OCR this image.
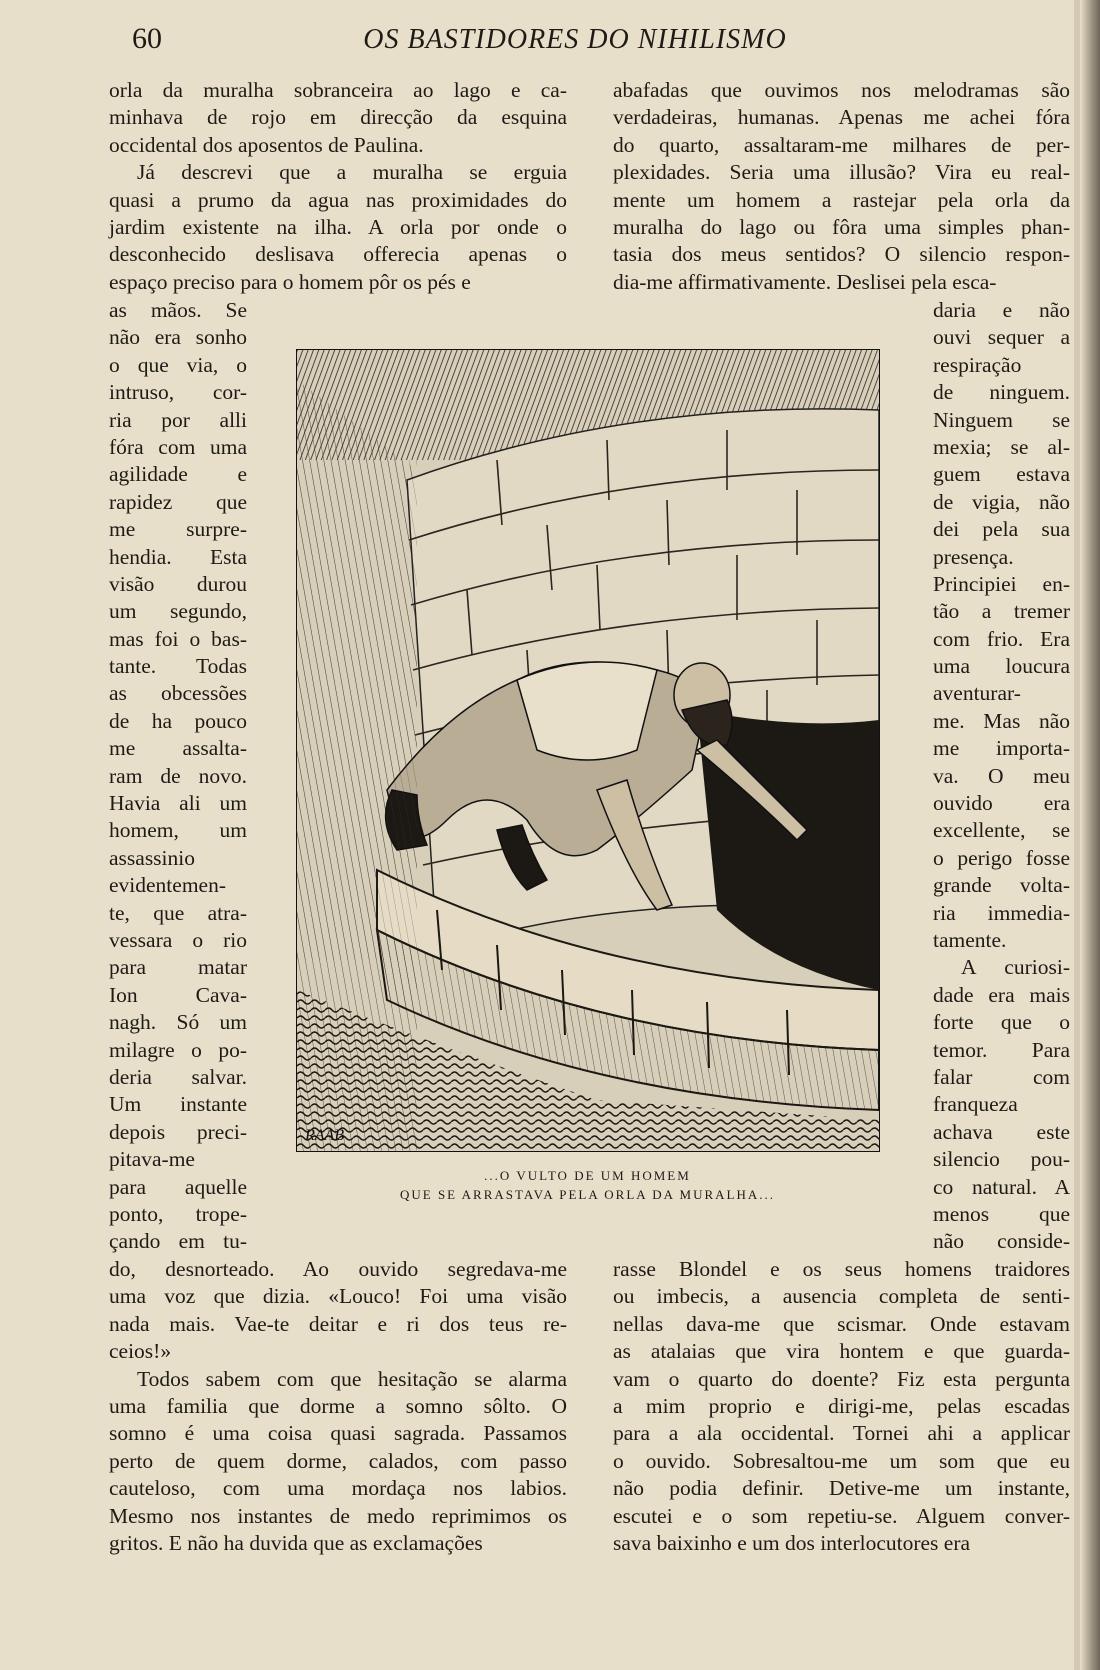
60	OS BASTIDORES DO NIHILISMO
orla da muralha sobranceira ao lago e ca-
minhava de rojo em direcção da esquina
occidental dos aposentos de Paulina.
Já descrevi que a muralha se erguia
quasi a prumo da agua nas proximidades do
jardim existente na ilha. A orla por onde o
desconhecido deslisava offerecia apenas o
espaço preciso para o homem pôr os pés e
as mãos. Se
não era sonho
o que via, o
intruso, cor-
ria por alli
fóra com uma
agilidade e
rapidez que
me surpre-
hendia. Esta
visão durou
um segundo,
mas foi o bas-
tante. Todas
as obcessões
de ha pouco
me assalta-
ram de novo.
Havia ali um
homem, um
assassinio
evidentemen-
te, que atra-
vessara o rio
para matar
Ion Cava-
nagh. Só um
milagre o po-
deria salvar.
Um instante
depois preci-
pitava-me
para aquelle
ponto, trope-
çando em tu-
do, desnorteado. Ao ouvido segredava-me
uma voz que dizia. «Louco! Foi uma visão
nada mais. Vae-te deitar e ri dos teus re-
ceios!»
Todos sabem com que hesitação se alarma
uma familia que dorme a somno sôlto. O
somno é uma coisa quasi sagrada. Passamos
perto de quem dorme, calados, com passo
cauteloso, com uma mordaça nos labios.
Mesmo nos instantes de medo reprimimos os
gritos. E não ha duvida que as exclamações
abafadas que ouvimos nos melodramas são
verdadeiras, humanas. Apenas me achei fóra
do quarto, assaltaram-me milhares de per-
plexidades. Seria uma illusão? Vira eu real-
mente um homem a rastejar pela orla da
muralha do lago ou fôra uma simples phan-
tasia dos meus sentidos? O silencio respon-
dia-me affirmativamente. Deslisei pela esca-
daria e não
ouvi sequer a
respiração
de ninguem.
Ninguem se
mexia; se al-
guem estava
de vigia, não
dei pela sua
presença.
Principiei en-
tão a tremer
com frio. Era
uma loucura
aventurar-
me. Mas não
me importa-
va. O meu
ouvido era
excellente, se
o perigo fosse
grande volta-
ria immedia-
tamente.
A curiosi-
dade era mais
forte que o
temor. Para
falar com
franqueza
achava este
silencio pou-
co natural. A
menos que
não conside-
rasse Blondel e os seus homens traidores
ou imbecis, a ausencia completa de senti-
nellas dava-me que scismar. Onde estavam
as atalaias que vira hontem e que guarda-
vam o quarto do doente? Fiz esta pergunta
a mim proprio e dirigi-me, pelas escadas
para a ala occidental. Tornei ahi a applicar
o ouvido. Sobresaltou-me um som que eu
não podia definir. Detive-me um instante,
escutei e o som repetiu-se. Alguem conver-
sava baixinho e um dos interlocutores era
RAAB
...O VULTO DE UM HOMEM
QUE SE ARRASTAVA PELA ORLA DA MURALHA...
